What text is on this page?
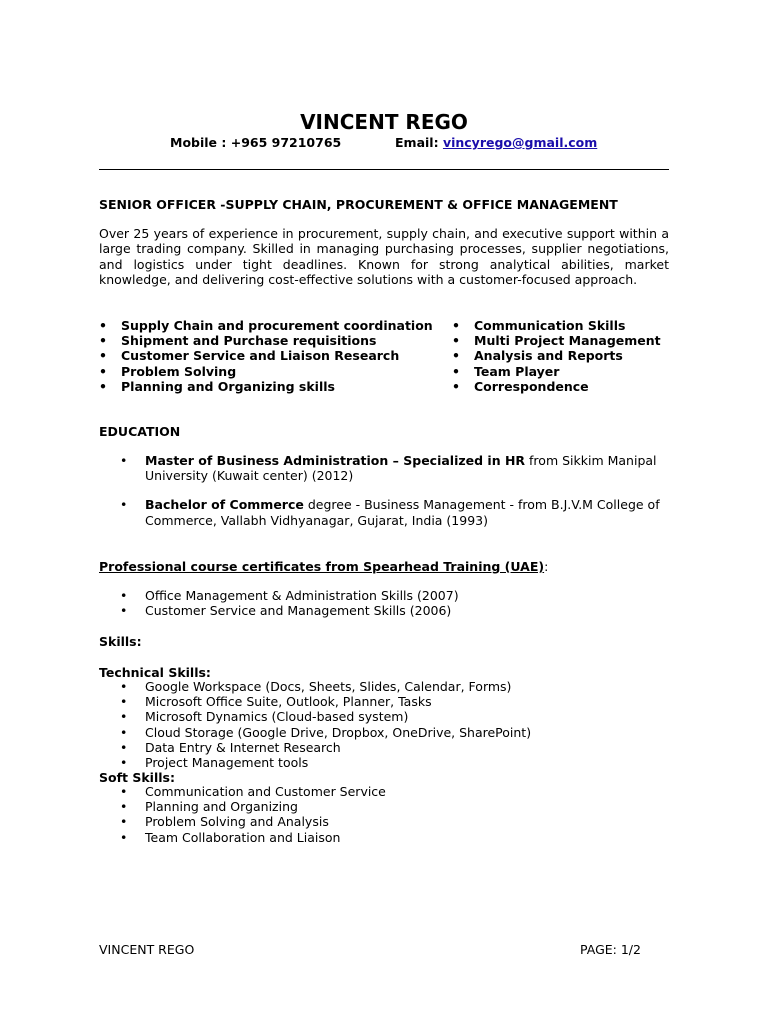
VINCENT REGO
Mobile : +965 97210765	Email: vincyrego@gmail.com
SENIOR OFFICER -SUPPLY CHAIN, PROCUREMENT & OFFICE MANAGEMENT
Over 25 years of experience in procurement, supply chain, and executive support within a large trading company. Skilled in managing purchasing processes, supplier negotiations, and logistics under tight deadlines. Known for strong analytical abilities, market knowledge, and delivering cost-effective solutions with a customer-focused approach.
• Supply Chain and procurement coordination
• Shipment and Purchase requisitions
• Customer Service and Liaison Research
• Problem Solving
• Planning and Organizing skills
• Communication Skills
• Multi Project Management
• Analysis and Reports
• Team Player
• Correspondence
EDUCATION
• Master of Business Administration – Specialized in HR from Sikkim Manipal University (Kuwait center) (2012)
• Bachelor of Commerce degree - Business Management - from B.J.V.M College of Commerce, Vallabh Vidhyanagar, Gujarat, India (1993)
Professional course certificates from Spearhead Training (UAE):
• Office Management & Administration Skills (2007)
• Customer Service and Management Skills (2006)
Skills:
Technical Skills:
• Google Workspace (Docs, Sheets, Slides, Calendar, Forms)
• Microsoft Office Suite, Outlook, Planner, Tasks
• Microsoft Dynamics (Cloud-based system)
• Cloud Storage (Google Drive, Dropbox, OneDrive, SharePoint)
• Data Entry & Internet Research
• Project Management tools
Soft Skills:
• Communication and Customer Service
• Planning and Organizing
• Problem Solving and Analysis
• Team Collaboration and Liaison
VINCENT REGO	PAGE: 1/2
